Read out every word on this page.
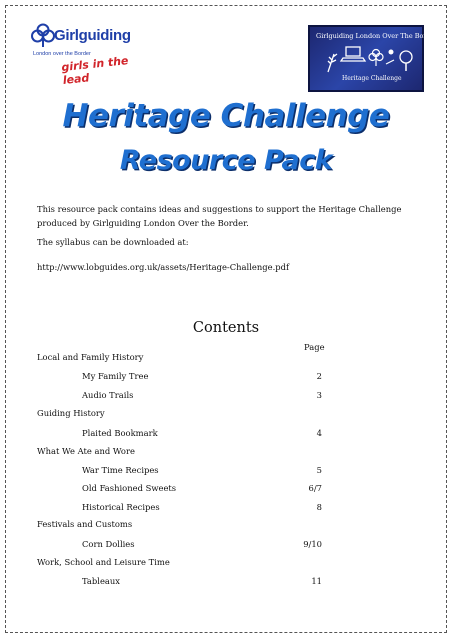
Girlguiding
London over the Border
girls in the lead
Girlguiding London Over The Border
Heritage Challenge
Heritage Challenge
Resource Pack
This resource pack contains ideas and suggestions to support the Heritage Challenge
produced by Girlguiding London Over the Border.
The syllabus can be downloaded at:
http://www.lobguides.org.uk/assets/Heritage-Challenge.pdf
Contents
Page
Local and Family History
My Family Tree	2
Audio Trails	3
Guiding History
Plaited Bookmark	4
What We Ate and Wore
War Time Recipes	5
Old Fashioned Sweets	6/7
Historical Recipes	8
Festivals and Customs
Corn Dollies	9/10
Work, School and Leisure Time
Tableaux	11
